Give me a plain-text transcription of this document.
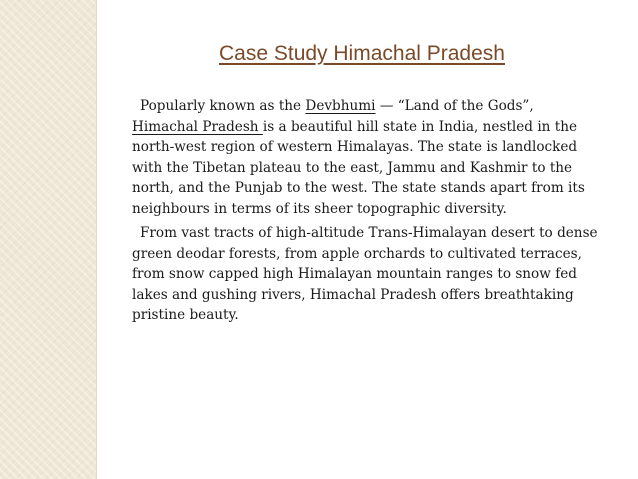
Case Study Himachal Pradesh

Popularly known as the Devbhumi — “Land of the Gods”,
Himachal Pradesh is a beautiful hill state in India, nestled in the north-west region of western Himalayas. The state is landlocked with the Tibetan plateau to the east, Jammu and Kashmir to the north, and the Punjab to the west. The state stands apart from its neighbours in terms of its sheer topographic diversity.

From vast tracts of high-altitude Trans-Himalayan desert to dense green deodar forests, from apple orchards to cultivated terraces, from snow capped high Himalayan mountain ranges to snow fed lakes and gushing rivers, Himachal Pradesh offers breathtaking pristine beauty.
